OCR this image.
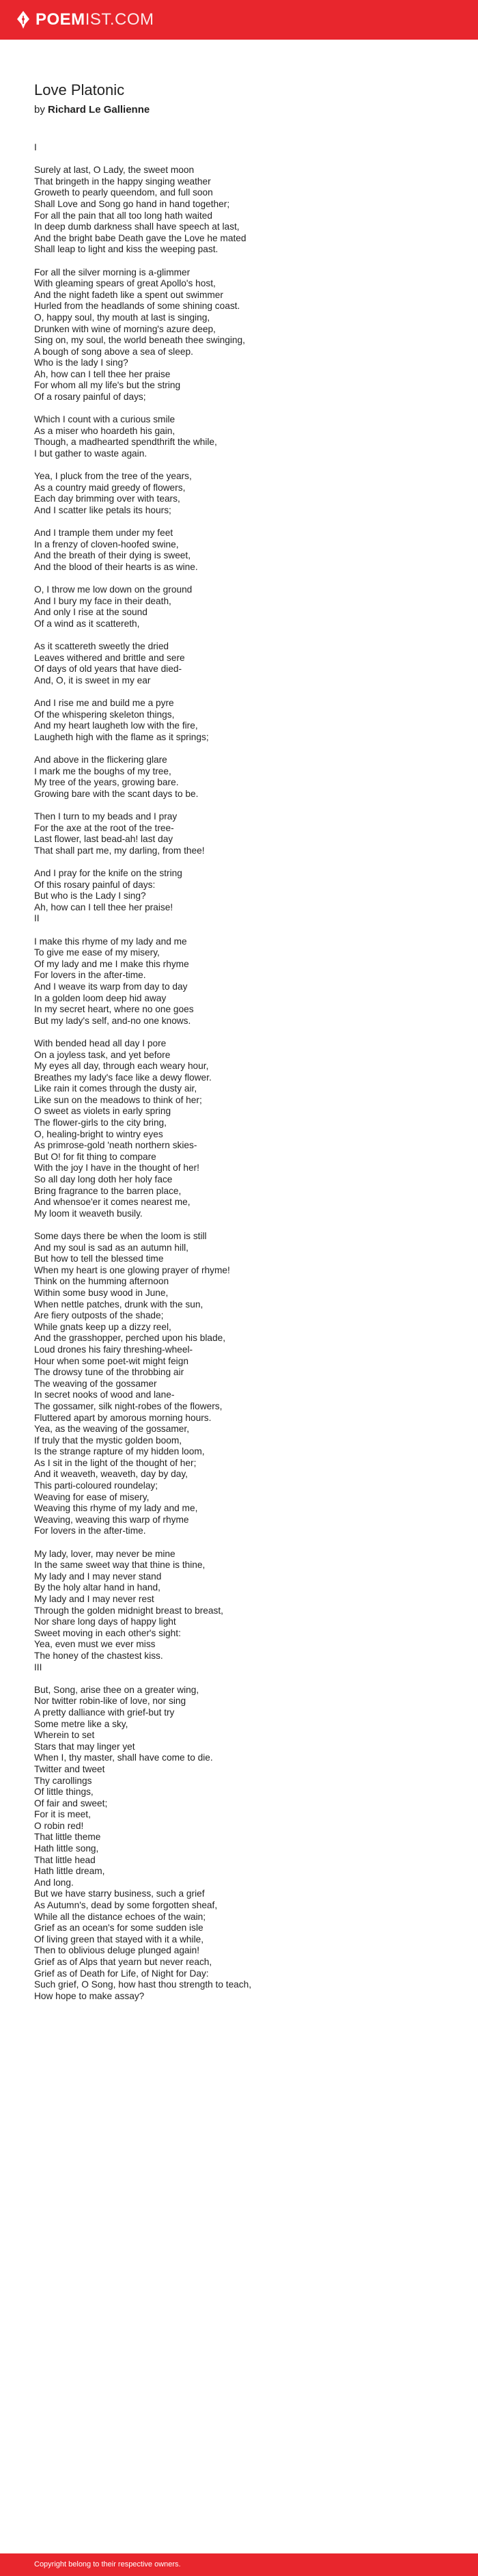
POEM IST.COM
Love Platonic
by Richard Le Gallienne
I
Surely at last, O Lady, the sweet moon
That bringeth in the happy singing weather
Groweth to pearly queendom, and full soon
Shall Love and Song go hand in hand together;
For all the pain that all too long hath waited
In deep dumb darkness shall have speech at last,
And the bright babe Death gave the Love he mated
Shall leap to light and kiss the weeping past.
For all the silver morning is a-glimmer
With gleaming spears of great Apollo's host,
And the night fadeth like a spent out swimmer
Hurled from the headlands of some shining coast.
O, happy soul, thy mouth at last is singing,
Drunken with wine of morning's azure deep,
Sing on, my soul, the world beneath thee swinging,
A bough of song above a sea of sleep.
Who is the lady I sing?
Ah, how can I tell thee her praise
For whom all my life's but the string
Of a rosary painful of days;
Which I count with a curious smile
As a miser who hoardeth his gain,
Though, a madhearted spendthrift the while,
I but gather to waste again.
Yea, I pluck from the tree of the years,
As a country maid greedy of flowers,
Each day brimming over with tears,
And I scatter like petals its hours;
And I trample them under my feet
In a frenzy of cloven-hoofed swine,
And the breath of their dying is sweet,
And the blood of their hearts is as wine.
O, I throw me low down on the ground
And I bury my face in their death,
And only I rise at the sound
Of a wind as it scattereth,
As it scattereth sweetly the dried
Leaves withered and brittle and sere
Of days of old years that have died-
And, O, it is sweet in my ear
And I rise me and build me a pyre
Of the whispering skeleton things,
And my heart laugheth low with the fire,
Laugheth high with the flame as it springs;
And above in the flickering glare
I mark me the boughs of my tree,
My tree of the years, growing bare.
Growing bare with the scant days to be.
Then I turn to my beads and I pray
For the axe at the root of the tree-
Last flower, last bead-ah! last day
That shall part me, my darling, from thee!
And I pray for the knife on the string
Of this rosary painful of days:
But who is the Lady I sing?
Ah, how can I tell thee her praise!
II
I make this rhyme of my lady and me
To give me ease of my misery,
Of my lady and me I make this rhyme
For lovers in the after-time.
And I weave its warp from day to day
In a golden loom deep hid away
In my secret heart, where no one goes
But my lady's self, and-no one knows.
With bended head all day I pore
On a joyless task, and yet before
My eyes all day, through each weary hour,
Breathes my lady's face like a dewy flower.
Like rain it comes through the dusty air,
Like sun on the meadows to think of her;
O sweet as violets in early spring
The flower-girls to the city bring,
O, healing-bright to wintry eyes
As primrose-gold 'neath northern skies-
But O! for fit thing to compare
With the joy I have in the thought of her!
So all day long doth her holy face
Bring fragrance to the barren place,
And whensoe'er it comes nearest me,
My loom it weaveth busily.
Some days there be when the loom is still
And my soul is sad as an autumn hill,
But how to tell the blessed time
When my heart is one glowing prayer of rhyme!
Think on the humming afternoon
Within some busy wood in June,
When nettle patches, drunk with the sun,
Are fiery outposts of the shade;
While gnats keep up a dizzy reel,
And the grasshopper, perched upon his blade,
Loud drones his fairy threshing-wheel-
Hour when some poet-wit might feign
The drowsy tune of the throbbing air
The weaving of the gossamer
In secret nooks of wood and lane-
The gossamer, silk night-robes of the flowers,
Fluttered apart by amorous morning hours.
Yea, as the weaving of the gossamer,
If truly that the mystic golden boom,
Is the strange rapture of my hidden loom,
As I sit in the light of the thought of her;
And it weaveth, weaveth, day by day,
This parti-coloured roundelay;
Weaving for ease of misery,
Weaving this rhyme of my lady and me,
Weaving, weaving this warp of rhyme
For lovers in the after-time.
My lady, lover, may never be mine
In the same sweet way that thine is thine,
My lady and I may never stand
By the holy altar hand in hand,
My lady and I may never rest
Through the golden midnight breast to breast,
Nor share long days of happy light
Sweet moving in each other's sight:
Yea, even must we ever miss
The honey of the chastest kiss.
III
But, Song, arise thee on a greater wing,
Nor twitter robin-like of love, nor sing
A pretty dalliance with grief-but try
Some metre like a sky,
Wherein to set
Stars that may linger yet
When I, thy master, shall have come to die.
Twitter and tweet
Thy carollings
Of little things,
Of fair and sweet;
For it is meet,
O robin red!
That little theme
Hath little song,
That little head
Hath little dream,
And long.
But we have starry business, such a grief
As Autumn's, dead by some forgotten sheaf,
While all the distance echoes of the wain;
Grief as an ocean's for some sudden isle
Of living green that stayed with it a while,
Then to oblivious deluge plunged again!
Grief as of Alps that yearn but never reach,
Grief as of Death for Life, of Night for Day:
Such grief, O Song, how hast thou strength to teach,
How hope to make assay?
Copyright belong to their respective owners.
